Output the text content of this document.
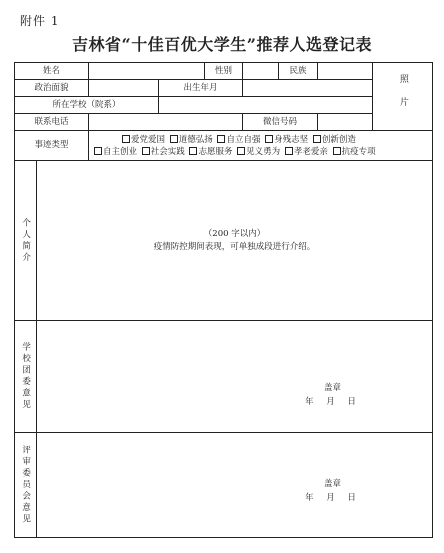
附件 1
吉林省“十佳百优大学生”推荐人选登记表
姓名				性别		民族		照片

政治面貌			出生年月					
所在学校（院系）								
联系电话					微信号码			
事迹类型		爱党爱国 道德弘扬 自立自强 身残志坚 创新创造
自主创业 社会实践 志愿服务 见义勇为 孝老爱亲 抗疫专项						

个人简介	（200 字以内）
疫情防控期间表现，可单独成段进行介绍。							

学校团委意见	盖章
年 月 日							

评审委员会意见	盖章
年 月 日							
